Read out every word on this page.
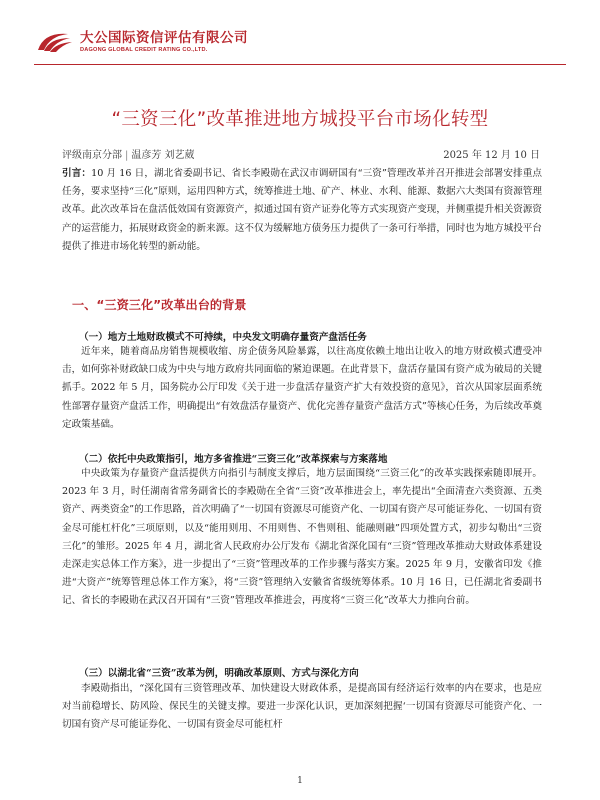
大公国际资信评估有限公司
DAGONG GLOBAL CREDIT RATING CO.,LTD.
“三资三化”改革推进地方城投平台市场化转型
评级南京分部 | 温彦芳 刘艺葳	2025 年 12 月 10 日
引言：10 月 16 日，湖北省委副书记、省长李殿勋在武汉市调研国有“三资”管理改革并召开推进会部署安排重点任务，要求坚持“三化”原则，运用四种方式，统筹推进土地、矿产、林业、水利、能源、数据六大类国有资源管理改革。此次改革旨在盘活低效国有资源资产，拟通过国有资产证券化等方式实现资产变现，并侧重提升相关资源资产的运营能力，拓展财政资金的新来源。这不仅为缓解地方债务压力提供了一条可行举措，同时也为地方城投平台提供了推进市场化转型的新动能。
一、“三资三化”改革出台的背景
（一）地方土地财政模式不可持续，中央发文明确存量资产盘活任务
近年来，随着商品房销售规模收缩、房企债务风险暴露，以往高度依赖土地出让收入的地方财政模式遭受冲击，如何弥补财政缺口成为中央与地方政府共同面临的紧迫课题。在此背景下，盘活存量国有资产成为破局的关键抓手。2022 年 5 月，国务院办公厅印发《关于进一步盘活存量资产扩大有效投资的意见》，首次从国家层面系统性部署存量资产盘活工作，明确提出“有效盘活存量资产、优化完善存量资产盘活方式”等核心任务，为后续改革奠定政策基础。
（二）依托中央政策指引，地方多省推进“三资三化”改革探索与方案落地
中央政策为存量资产盘活提供方向指引与制度支撑后，地方层面围绕“三资三化”的改革实践探索随即展开。2023 年 3 月，时任湖南省常务副省长的李殿勋在全省“三资”改革推进会上，率先提出“全面清查六类资源、五类资产、两类资金”的工作思路，首次明确了“一切国有资源尽可能资产化、一切国有资产尽可能证券化、一切国有资金尽可能杠杆化”三项原则，以及“能用则用、不用则售、不售则租、能融则融”四项处置方式，初步勾勒出“三资三化”的雏形。2025 年 4 月，湖北省人民政府办公厅发布《湖北省深化国有“三资”管理改革推动大财政体系建设走深走实总体工作方案》，进一步提出了“三资”管理改革的工作步骤与落实方案。2025 年 9 月，安徽省印发《推进“大资产”统筹管理总体工作方案》，将“三资”管理纳入安徽省省级统筹体系。10 月 16 日，已任湖北省委副书记、省长的李殿勋在武汉召开国有“三资”管理改革推进会，再度将“三资三化”改革大力推向台前。
（三）以湖北省“三资”改革为例，明确改革原则、方式与深化方向
李殿勋指出，“深化国有三资管理改革、加快建设大财政体系，是提高国有经济运行效率的内在要求，也是应对当前稳增长、防风险、保民生的关键支撑。要进一步深化认识，更加深刻把握‘一切国有资源尽可能资产化、一切国有资产尽可能证券化、一切国有资金尽可能杠杆
1
